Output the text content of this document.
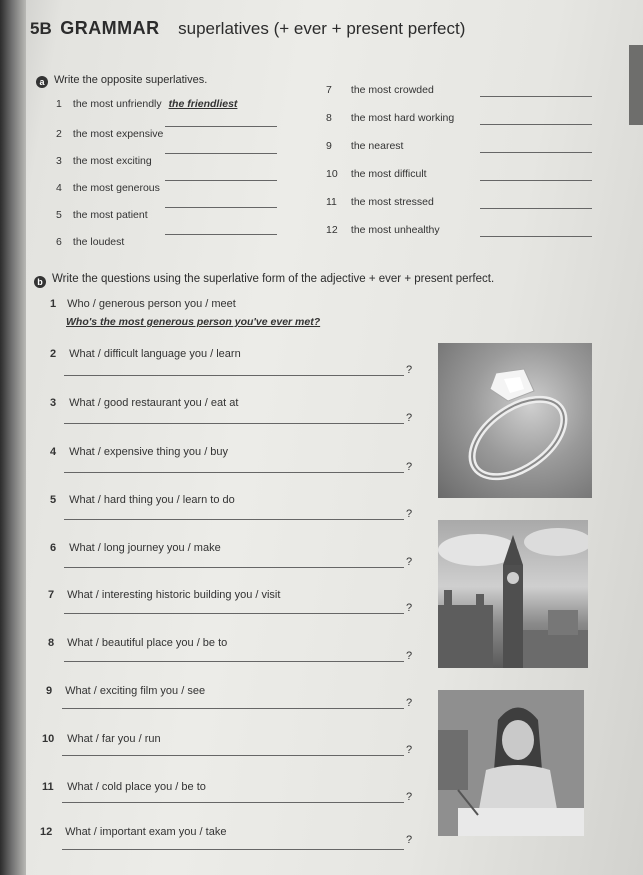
5B GRAMMAR superlatives (+ ever + present perfect)
a Write the opposite superlatives.
1 the most unfriendly the friendliest
2 the most expensive
3 the most exciting
4 the most generous
5 the most patient
6 the loudest
7 the most crowded
8 the most hard working
9 the nearest
10 the most difficult
11 the most stressed
12 the most unhealthy
b Write the questions using the superlative form of the adjective + ever + present perfect.
1 Who / generous person you / meet
Who's the most generous person you've ever met?
2 What / difficult language you / learn
?
3 What / good restaurant you / eat at
?
4 What / expensive thing you / buy
?
5 What / hard thing you / learn to do
?
6 What / long journey you / make
?
7 What / interesting historic building you / visit
?
8 What / beautiful place you / be to
?
9 What / exciting film you / see
?
10 What / far you / run
?
11 What / cold place you / be to
?
12 What / important exam you / take
?
